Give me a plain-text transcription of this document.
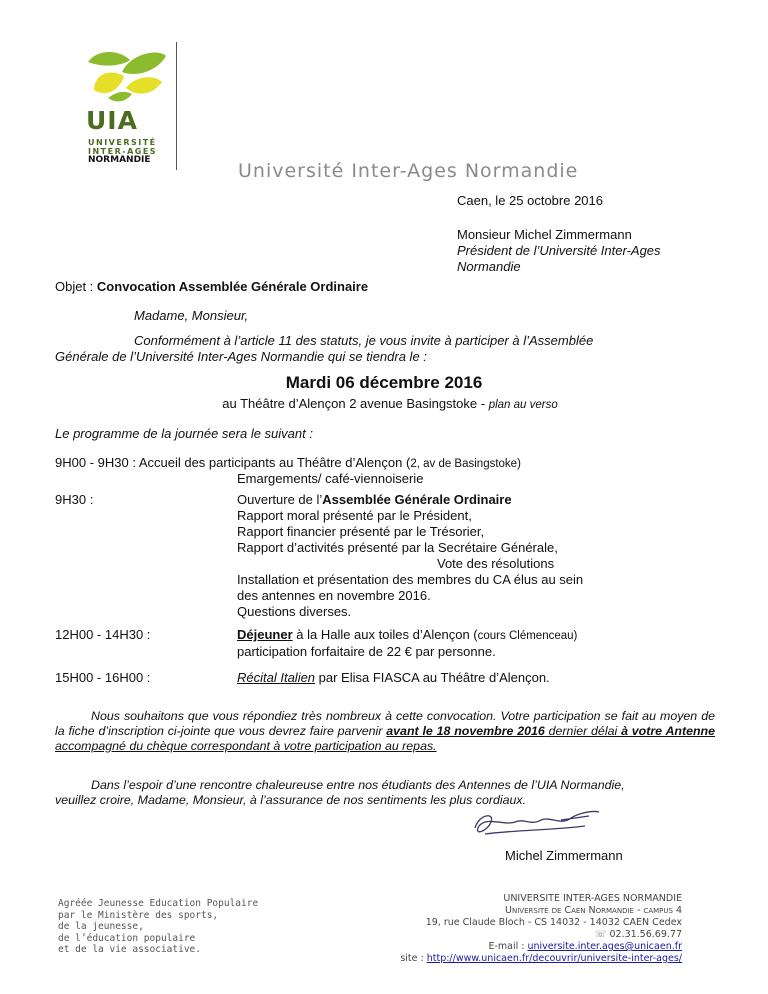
UIA
UNIVERSITÉ
INTER-AGES
NORMANDIE	Université Inter-Ages Normandie
Caen, le 25 octobre 2016
Monsieur Michel Zimmermann
Président de l’Université Inter-Ages
Normandie
Objet : Convocation Assemblée Générale Ordinaire
Madame, Monsieur,
Conformément à l’article 11 des statuts, je vous invite à participer à l’Assemblée
Générale de l’Université Inter-Ages Normandie qui se tiendra le :
Mardi 06 décembre 2016
au Théâtre d’Alençon 2 avenue Basingstoke - plan au verso
Le programme de la journée sera le suivant :
9H00 - 9H30 : Accueil des participants au Théâtre d’Alençon (2, av de Basingstoke)
Emargements/ café-viennoiserie
9H30 :	Ouverture de l’Assemblée Générale Ordinaire
Rapport moral présenté par le Président,
Rapport financier présenté par le Trésorier,
Rapport d’activités présenté par la Secrétaire Générale,
Vote des résolutions
Installation et présentation des membres du CA élus au sein
des antennes en novembre 2016.
Questions diverses.
12H00 - 14H30 :	Déjeuner à la Halle aux toiles d’Alençon (cours Clémenceau)
participation forfaitaire de 22 € par personne.
15H00 - 16H00 :	Récital Italien par Elisa FIASCA au Théâtre d’Alençon.
Nous souhaitons que vous répondiez très nombreux à cette convocation. Votre participation se fait au moyen de la fiche d’inscription ci-jointe que vous devrez faire parvenir avant le 18 novembre 2016 dernier délai à votre Antenne accompagné du chèque correspondant à votre participation au repas.
Dans l’espoir d’une rencontre chaleureuse entre nos étudiants des Antennes de l’UIA Normandie,
veuillez croire, Madame, Monsieur, à l’assurance de nos sentiments les plus cordiaux.
Michel Zimmermann
Agréée Jeunesse Education Populaire
par le Ministère des sports,
de la jeunesse,
de l’éducation populaire
et de la vie associative.
UNIVERSITE INTER-AGES NORMANDIE
Université de Caen Normandie - campus 4
19, rue Claude Bloch - CS 14032 - 14032 CAEN Cedex
☏ 02.31.56.69.77
E-mail : universite.inter.ages@unicaen.fr
site : http://www.unicaen.fr/decouvrir/universite-inter-ages/
